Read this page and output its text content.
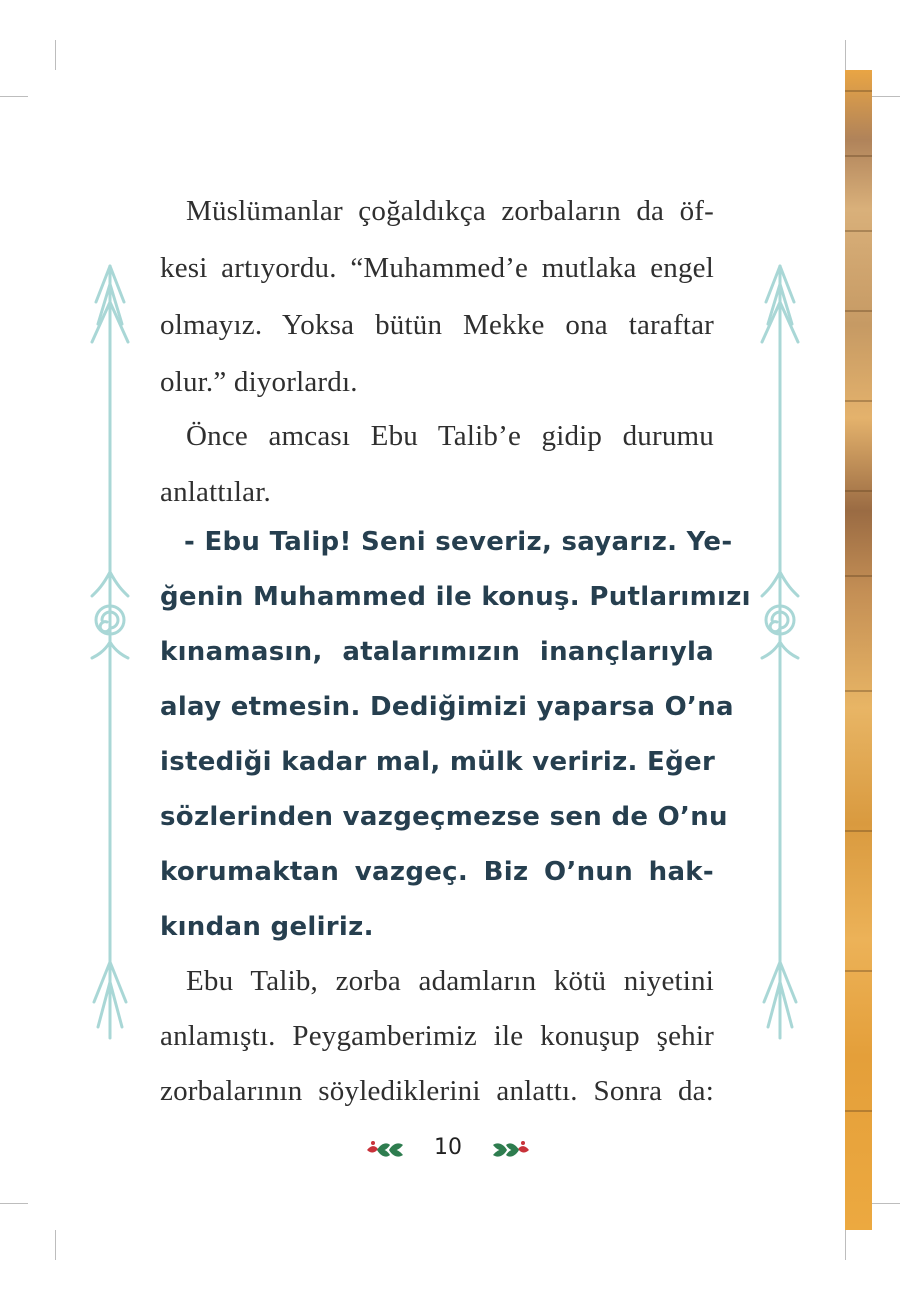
Müslümanlar çoğaldıkça zorbaların da öf-
kesi artıyordu. “Muhammed’e mutlaka engel
olmayız. Yoksa bütün Mekke ona taraftar
olur.” diyorlardı.
Önce amcası Ebu Talib’e gidip durumu
anlattılar.
- Ebu Talip! Seni severiz, sayarız. Ye-
ğenin Muhammed ile konuş. Putlarımızı
kınamasın, atalarımızın inançlarıyla
alay etmesin. Dediğimizi yaparsa O’na
istediği kadar mal, mülk veririz. Eğer
sözlerinden vazgeçmezse sen de O’nu
korumaktan vazgeç. Biz O’nun hak-
kından geliriz.
Ebu Talib, zorba adamların kötü niyetini
anlamıştı. Peygamberimiz ile konuşup şehir
zorbalarının söylediklerini anlattı. Sonra da:
10
